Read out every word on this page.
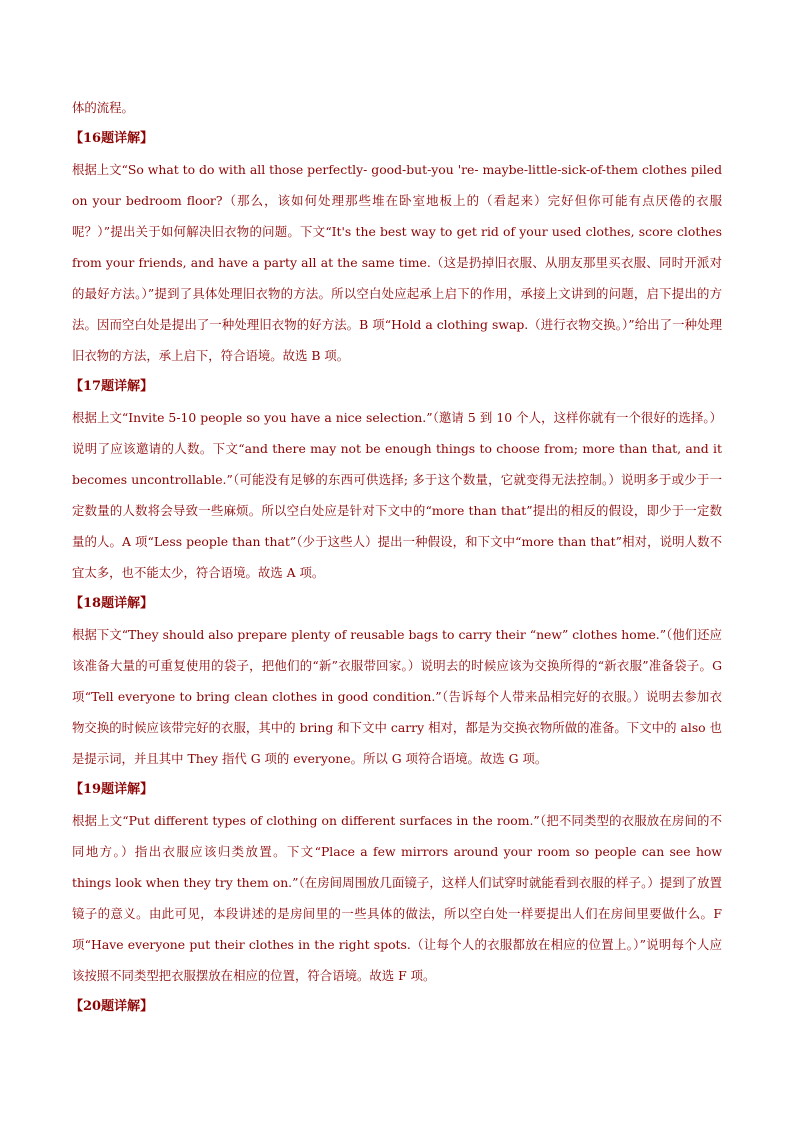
体的流程。

【16题详解】

根据上文“So what to do with all those perfectly- good-but-you 're- maybe-little-sick-of-them clothes piled on your bedroom floor?（那么，该如何处理那些堆在卧室地板上的（看起来）完好但你可能有点厌倦的衣服呢？）”提出关于如何解决旧衣物的问题。下文“It's the best way to get rid of your used clothes, score clothes from your friends, and have a party all at the same time.（这是扔掉旧衣服、从朋友那里买衣服、同时开派对的最好方法。）”提到了具体处理旧衣物的方法。所以空白处应起承上启下的作用，承接上文讲到的问题，启下提出的方法。因而空白处是提出了一种处理旧衣物的好方法。B 项“Hold a clothing swap.（进行衣物交换。）”给出了一种处理旧衣物的方法，承上启下，符合语境。故选 B 项。

【17题详解】

根据上文“Invite 5-10 people so you have a nice selection.”（邀请 5 到 10 个人，这样你就有一个很好的选择。）说明了应该邀请的人数。下文“and there may not be enough things to choose from; more than that, and it becomes uncontrollable.”（可能没有足够的东西可供选择; 多于这个数量，它就变得无法控制。）说明多于或少于一定数量的人数将会导致一些麻烦。所以空白处应是针对下文中的“more than that”提出的相反的假设，即少于一定数量的人。A 项“Less people than that”（少于这些人）提出一种假设，和下文中“more than that”相对，说明人数不宜太多，也不能太少，符合语境。故选 A 项。

【18题详解】

根据下文“They should also prepare plenty of reusable bags to carry their “new” clothes home.”（他们还应该准备大量的可重复使用的袋子，把他们的“新”衣服带回家。）说明去的时候应该为交换所得的“新衣服”准备袋子。G 项“Tell everyone to bring clean clothes in good condition.”（告诉每个人带来品相完好的衣服。）说明去参加衣物交换的时候应该带完好的衣服，其中的 bring 和下文中 carry 相对，都是为交换衣物所做的准备。下文中的 also 也是提示词，并且其中 They 指代 G 项的 everyone。所以 G 项符合语境。故选 G 项。

【19题详解】

根据上文“Put different types of clothing on different surfaces in the room.”（把不同类型的衣服放在房间的不同地方。）指出衣服应该归类放置。下文“Place a few mirrors around your room so people can see how things look when they try them on.”（在房间周围放几面镜子，这样人们试穿时就能看到衣服的样子。）提到了放置镜子的意义。由此可见，本段讲述的是房间里的一些具体的做法，所以空白处一样要提出人们在房间里要做什么。F 项“Have everyone put their clothes in the right spots.（让每个人的衣服都放在相应的位置上。）”说明每个人应该按照不同类型把衣服摆放在相应的位置，符合语境。故选 F 项。

【20题详解】
